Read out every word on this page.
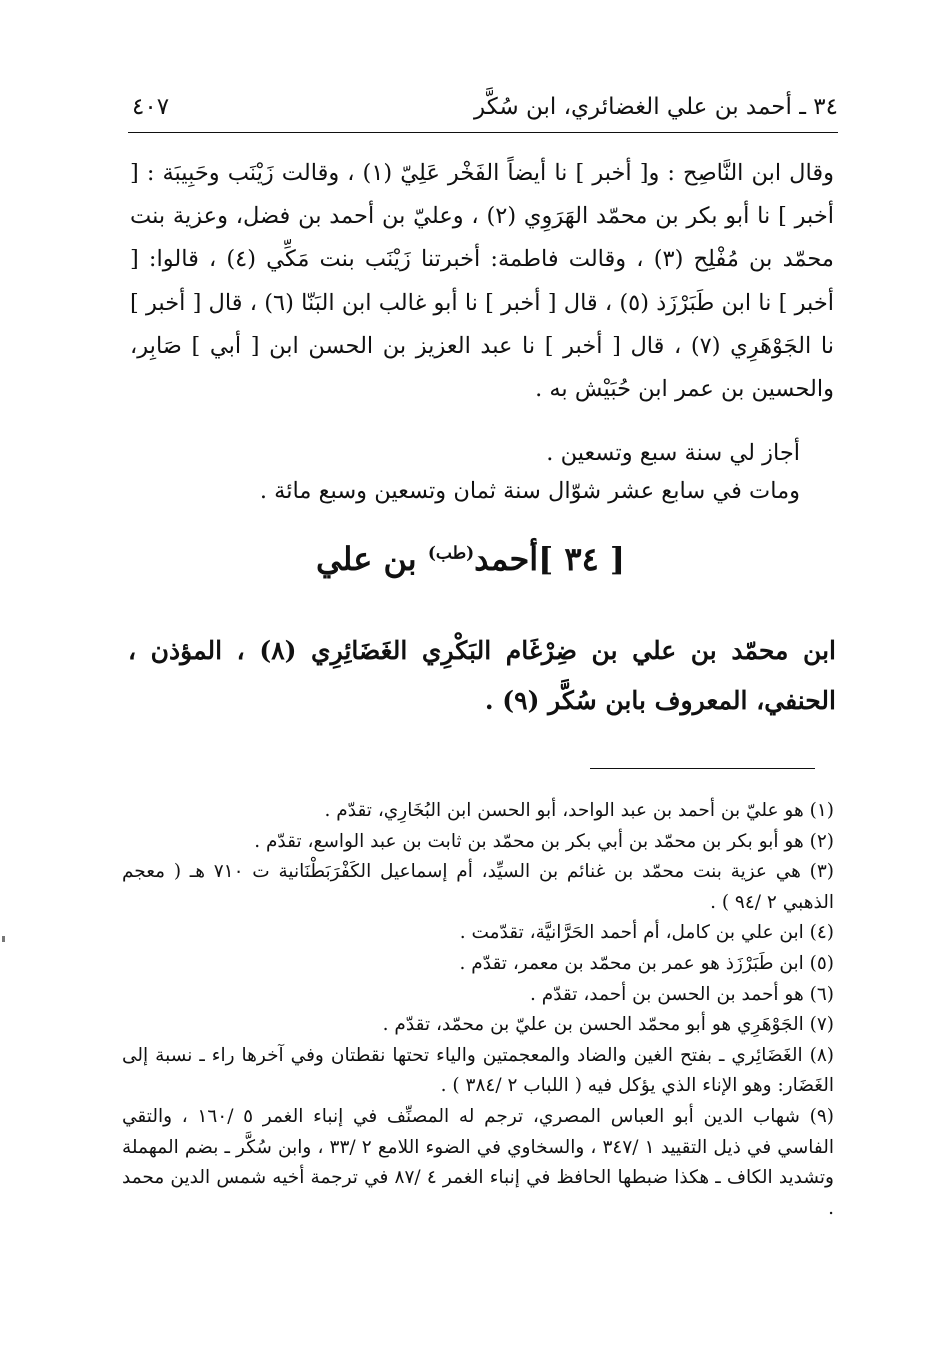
٣٤ ـ أحمد بن علي الغضائري، ابن سُكَّر
٤٠٧

وقال ابن النَّاصِح : و[ أخبر ] نا أيضاً الفَخْر عَلِيّ (١) ، وقالت زَيْنَب وحَبِيبَة : [ أخبر ] نا أبو بكر بن محمّد الهَرَوِي (٢) ، وعليّ بن أحمد بن فضل، وعزية بنت محمّد بن مُفْلِح (٣) ، وقالت فاطمة: أخبرتنا زَيْنَب بنت مَكِّي (٤) ، قالوا: [ أخبر ] نا ابن طَبَرْزَذ (٥) ، قال [ أخبر ] نا أبو غالب ابن البَنّا (٦) ، قال [ أخبر ] نا الجَوْهَرِي (٧) ، قال [ أخبر ] نا عبد العزيز بن الحسن ابن [ أبي ] صَابِر، والحسين بن عمر ابن حُبَيْش به .

أجاز لي سنة سبع وتسعين .

ومات في سابع عشر شوّال سنة ثمان وتسعين وسبع مائة .

[ ٣٤ ]أحمد$^{(طب)}$ بن علي

ابن محمّد بن علي بن ضِرْغَام البَكْرِي الغَضَائِرِي (٨) ، المؤذن ، الحنفي، المعروف بابن سُكَّر (٩) .

(١) هو عليّ بن أحمد بن عبد الواحد، أبو الحسن ابن البُخَارِي، تقدّم .

(٢) هو أبو بكر بن محمّد بن أبي بكر بن محمّد بن ثابت بن عبد الواسع، تقدّم .

(٣) هي عزية بنت محمّد بن غنائم بن السيِّد، أم إسماعيل الكَفْرَبَطْنَانية ت ٧١٠ هـ ( معجم الذهبي ٢ /٩٤ ) .

(٤) ابن علي بن كامل، أم أحمد الحَرَّانيَّة، تقدّمت .

(٥) ابن طَبَرْزَذ هو عمر بن محمّد بن معمر، تقدّم .

(٦) هو أحمد بن الحسن بن أحمد، تقدّم .

(٧) الجَوْهَرِي هو أبو محمّد الحسن بن عليّ بن محمّد، تقدّم .

(٨) الغَضَائِري ـ بفتح الغين والضاد والمعجمتين والياء تحتها نقطتان وفي آخرها راء ـ نسبة إلى الغَضَار: وهو الإناء الذي يؤكل فيه ( اللباب ٢ /٣٨٤ ) .

(٩) شهاب الدين أبو العباس المصري، ترجم له المصنِّف في إنباء الغمر ٥ /١٦٠ ، والتقي الفاسي في ذيل التقييد ١ /٣٤٧ ، والسخاوي في الضوء اللامع ٢ /٣٣ ، وابن سُكَّر ـ بضم المهملة وتشديد الكاف ـ هكذا ضبطها الحافظ في إنباء الغمر ٤ /٨٧ في ترجمة أخيه شمس الدين محمد .
